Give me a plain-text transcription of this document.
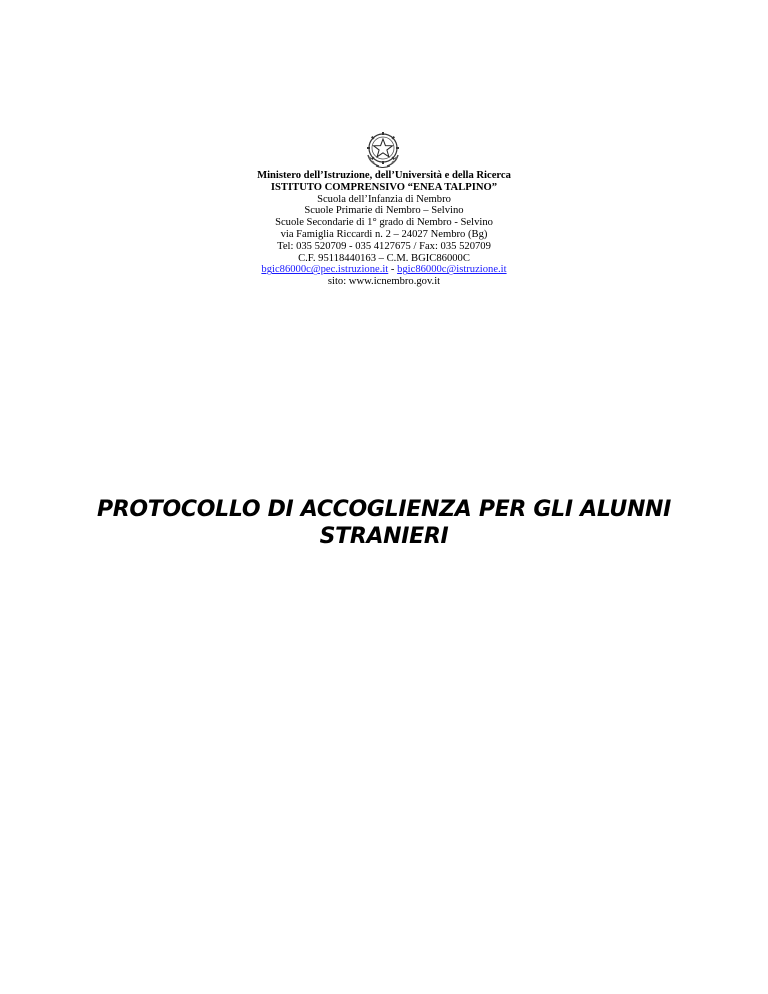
Ministero dell’Istruzione, dell’Università e della Ricerca
ISTITUTO COMPRENSIVO “ENEA TALPINO”
Scuola dell’Infanzia di Nembro
Scuole Primarie di Nembro – Selvino
Scuole Secondarie di 1° grado di Nembro - Selvino
via Famiglia Riccardi n. 2 – 24027 Nembro (Bg)
Tel: 035 520709 - 035 4127675 / Fax: 035 520709
C.F. 95118440163 – C.M. BGIC86000C
bgic86000c@pec.istruzione.it - bgic86000c@istruzione.it
sito: www.icnembro.gov.it
PROTOCOLLO DI ACCOGLIENZA PER GLI ALUNNI
STRANIERI
